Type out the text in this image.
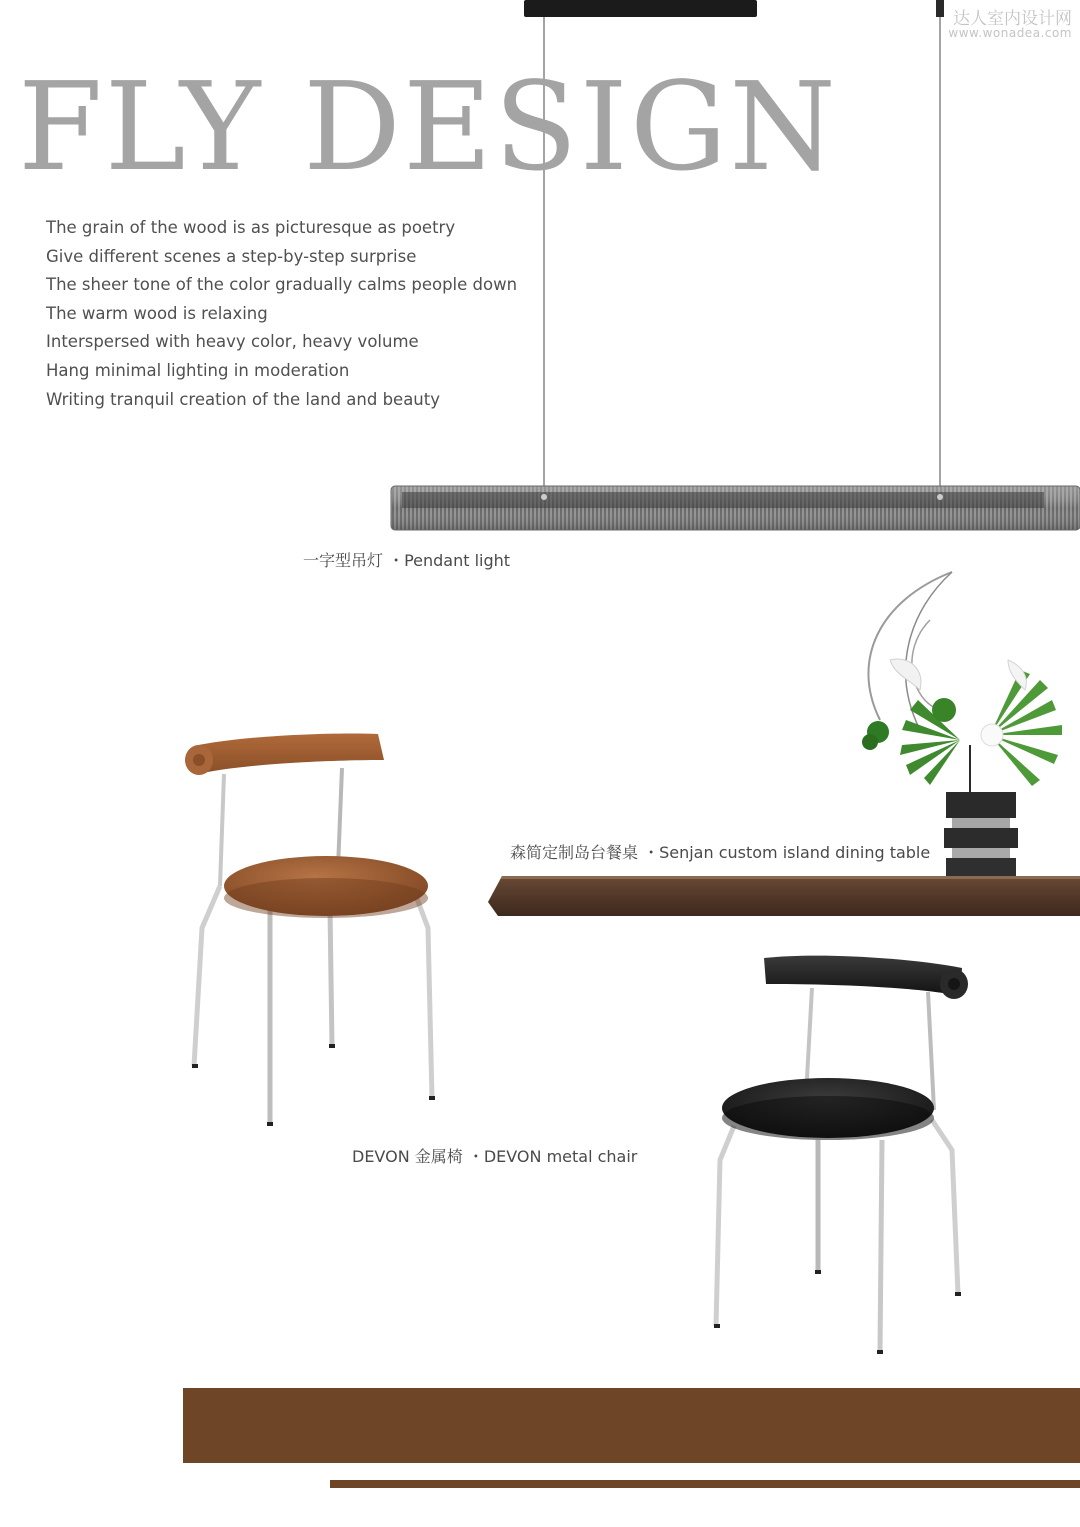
达人室内设计网
www.wonadea.com
FLY DESIGN
The grain of the wood is as picturesque as poetry
Give different scenes a step-by-step surprise
The sheer tone of the color gradually calms people down
The warm wood is relaxing
Interspersed with heavy color, heavy volume
Hang minimal lighting in moderation
Writing tranquil creation of the land and beauty
一字型吊灯 ・Pendant light
森简定制岛台餐桌 ・Senjan custom island dining table
DEVON 金属椅 ・DEVON metal chair
